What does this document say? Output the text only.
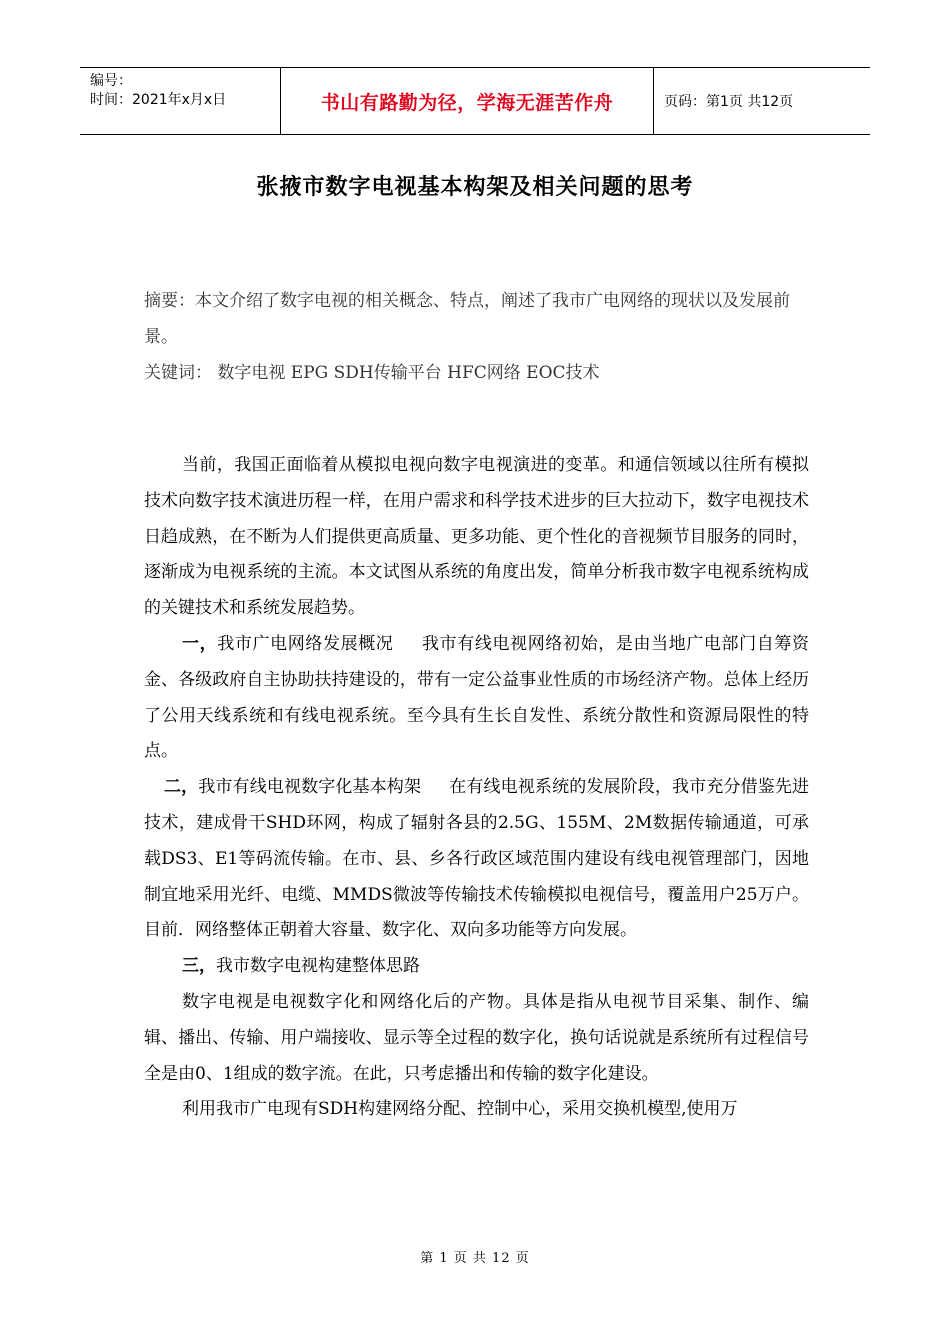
编号：
时间：2021年x月x日	书山有路勤为径，学海无涯苦作舟	页码：第1页 共12页
张掖市数字电视基本构架及相关问题的思考
摘要：本文介绍了数字电视的相关概念、特点，阐述了我市广电网络的现状以及发展前景。
关键词： 数字电视 EPG SDH传输平台 HFC网络 EOC技术

当前，我国正面临着从模拟电视向数字电视演进的变革。和通信领域以往所有模拟技术向数字技术演进历程一样，在用户需求和科学技术进步的巨大拉动下，数字电视技术日趋成熟，在不断为人们提供更高质量、更多功能、更个性化的音视频节目服务的同时，逐渐成为电视系统的主流。本文试图从系统的角度出发，简单分析我市数字电视系统构成的关键技术和系统发展趋势。

一，我市广电网络发展概况 我市有线电视网络初始，是由当地广电部门自筹资金、各级政府自主协助扶持建设的，带有一定公益事业性质的市场经济产物。总体上经历了公用天线系统和有线电视系统。至今具有生长自发性、系统分散性和资源局限性的特点。

二，我市有线电视数字化基本构架 在有线电视系统的发展阶段，我市充分借鉴先进技术，建成骨干SHD环网，构成了辐射各县的2.5G、155M、2M数据传输通道，可承载DS3、E1等码流传输。在市、县、乡各行政区域范围内建设有线电视管理部门，因地制宜地采用光纤、电缆、MMDS微波等传输技术传输模拟电视信号，覆盖用户25万户。目前．网络整体正朝着大容量、数字化、双向多功能等方向发展。

三，我市数字电视构建整体思路

数字电视是电视数字化和网络化后的产物。具体是指从电视节目采集、制作、编辑、播出、传输、用户端接收、显示等全过程的数字化，换句话说就是系统所有过程信号全是由0、1组成的数字流。在此，只考虑播出和传输的数字化建设。

利用我市广电现有SDH构建网络分配、控制中心，采用交换机模型,使用万

第 1 页 共 12 页
